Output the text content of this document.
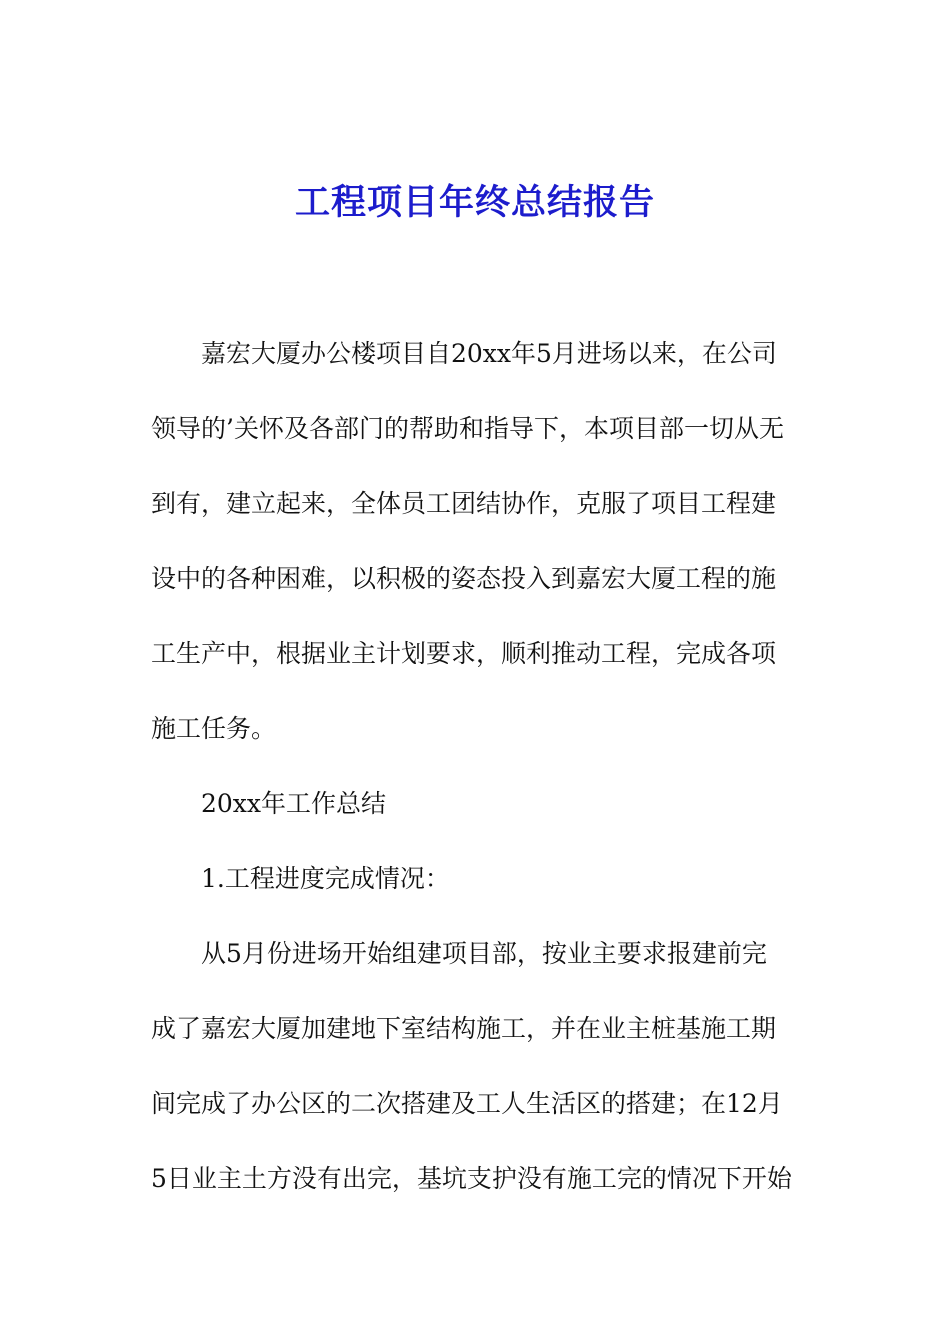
工程项目年终总结报告
嘉宏大厦办公楼项目自20xx年5月进场以来，在公司
领导的’关怀及各部门的帮助和指导下，本项目部一切从无
到有，建立起来，全体员工团结协作，克服了项目工程建
设中的各种困难，以积极的姿态投入到嘉宏大厦工程的施
工生产中，根据业主计划要求，顺利推动工程，完成各项
施工任务。
20xx年工作总结
1.工程进度完成情况：
从5月份进场开始组建项目部，按业主要求报建前完
成了嘉宏大厦加建地下室结构施工，并在业主桩基施工期
间完成了办公区的二次搭建及工人生活区的搭建；在12月
5日业主土方没有出完，基坑支护没有施工完的情况下开始
